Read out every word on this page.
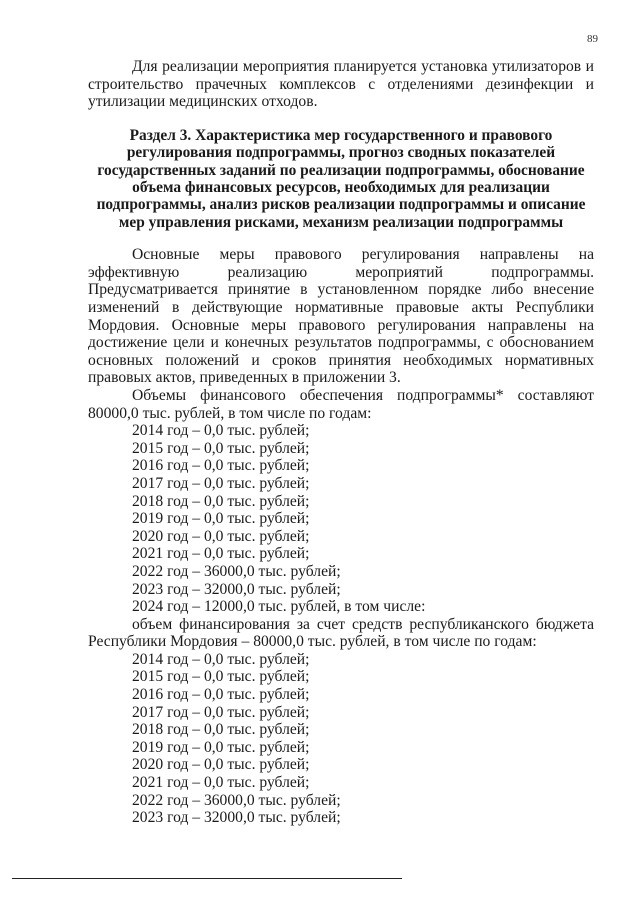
89

Для реализации мероприятия планируется установка утилизаторов и строительство прачечных комплексов с отделениями дезинфекции и утилизации медицинских отходов.

Раздел 3. Характеристика мер государственного и правового регулирования подпрограммы, прогноз сводных показателей государственных заданий по реализации подпрограммы, обоснование объема финансовых ресурсов, необходимых для реализации подпрограммы, анализ рисков реализации подпрограммы и описание мер управления рисками, механизм реализации подпрограммы

Основные меры правового регулирования направлены на эффективную реализацию мероприятий подпрограммы. Предусматривается принятие в установленном порядке либо внесение изменений в действующие нормативные правовые акты Республики Мордовия. Основные меры правового регулирования направлены на достижение цели и конечных результатов подпрограммы, с обоснованием основных положений и сроков принятия необходимых нормативных правовых актов, приведенных в приложении 3.

Объемы финансового обеспечения подпрограммы* составляют 80000,0 тыс. рублей, в том числе по годам:

2014 год – 0,0 тыс. рублей;
2015 год – 0,0 тыс. рублей;
2016 год – 0,0 тыс. рублей;
2017 год – 0,0 тыс. рублей;
2018 год – 0,0 тыс. рублей;
2019 год – 0,0 тыс. рублей;
2020 год – 0,0 тыс. рублей;
2021 год – 0,0 тыс. рублей;
2022 год – 36000,0 тыс. рублей;
2023 год – 32000,0 тыс. рублей;
2024 год – 12000,0 тыс. рублей, в том числе:

объем финансирования за счет средств республиканского бюджета Республики Мордовия – 80000,0 тыс. рублей, в том числе по годам:

2014 год – 0,0 тыс. рублей;
2015 год – 0,0 тыс. рублей;
2016 год – 0,0 тыс. рублей;
2017 год – 0,0 тыс. рублей;
2018 год – 0,0 тыс. рублей;
2019 год – 0,0 тыс. рублей;
2020 год – 0,0 тыс. рублей;
2021 год – 0,0 тыс. рублей;
2022 год – 36000,0 тыс. рублей;
2023 год – 32000,0 тыс. рублей;
